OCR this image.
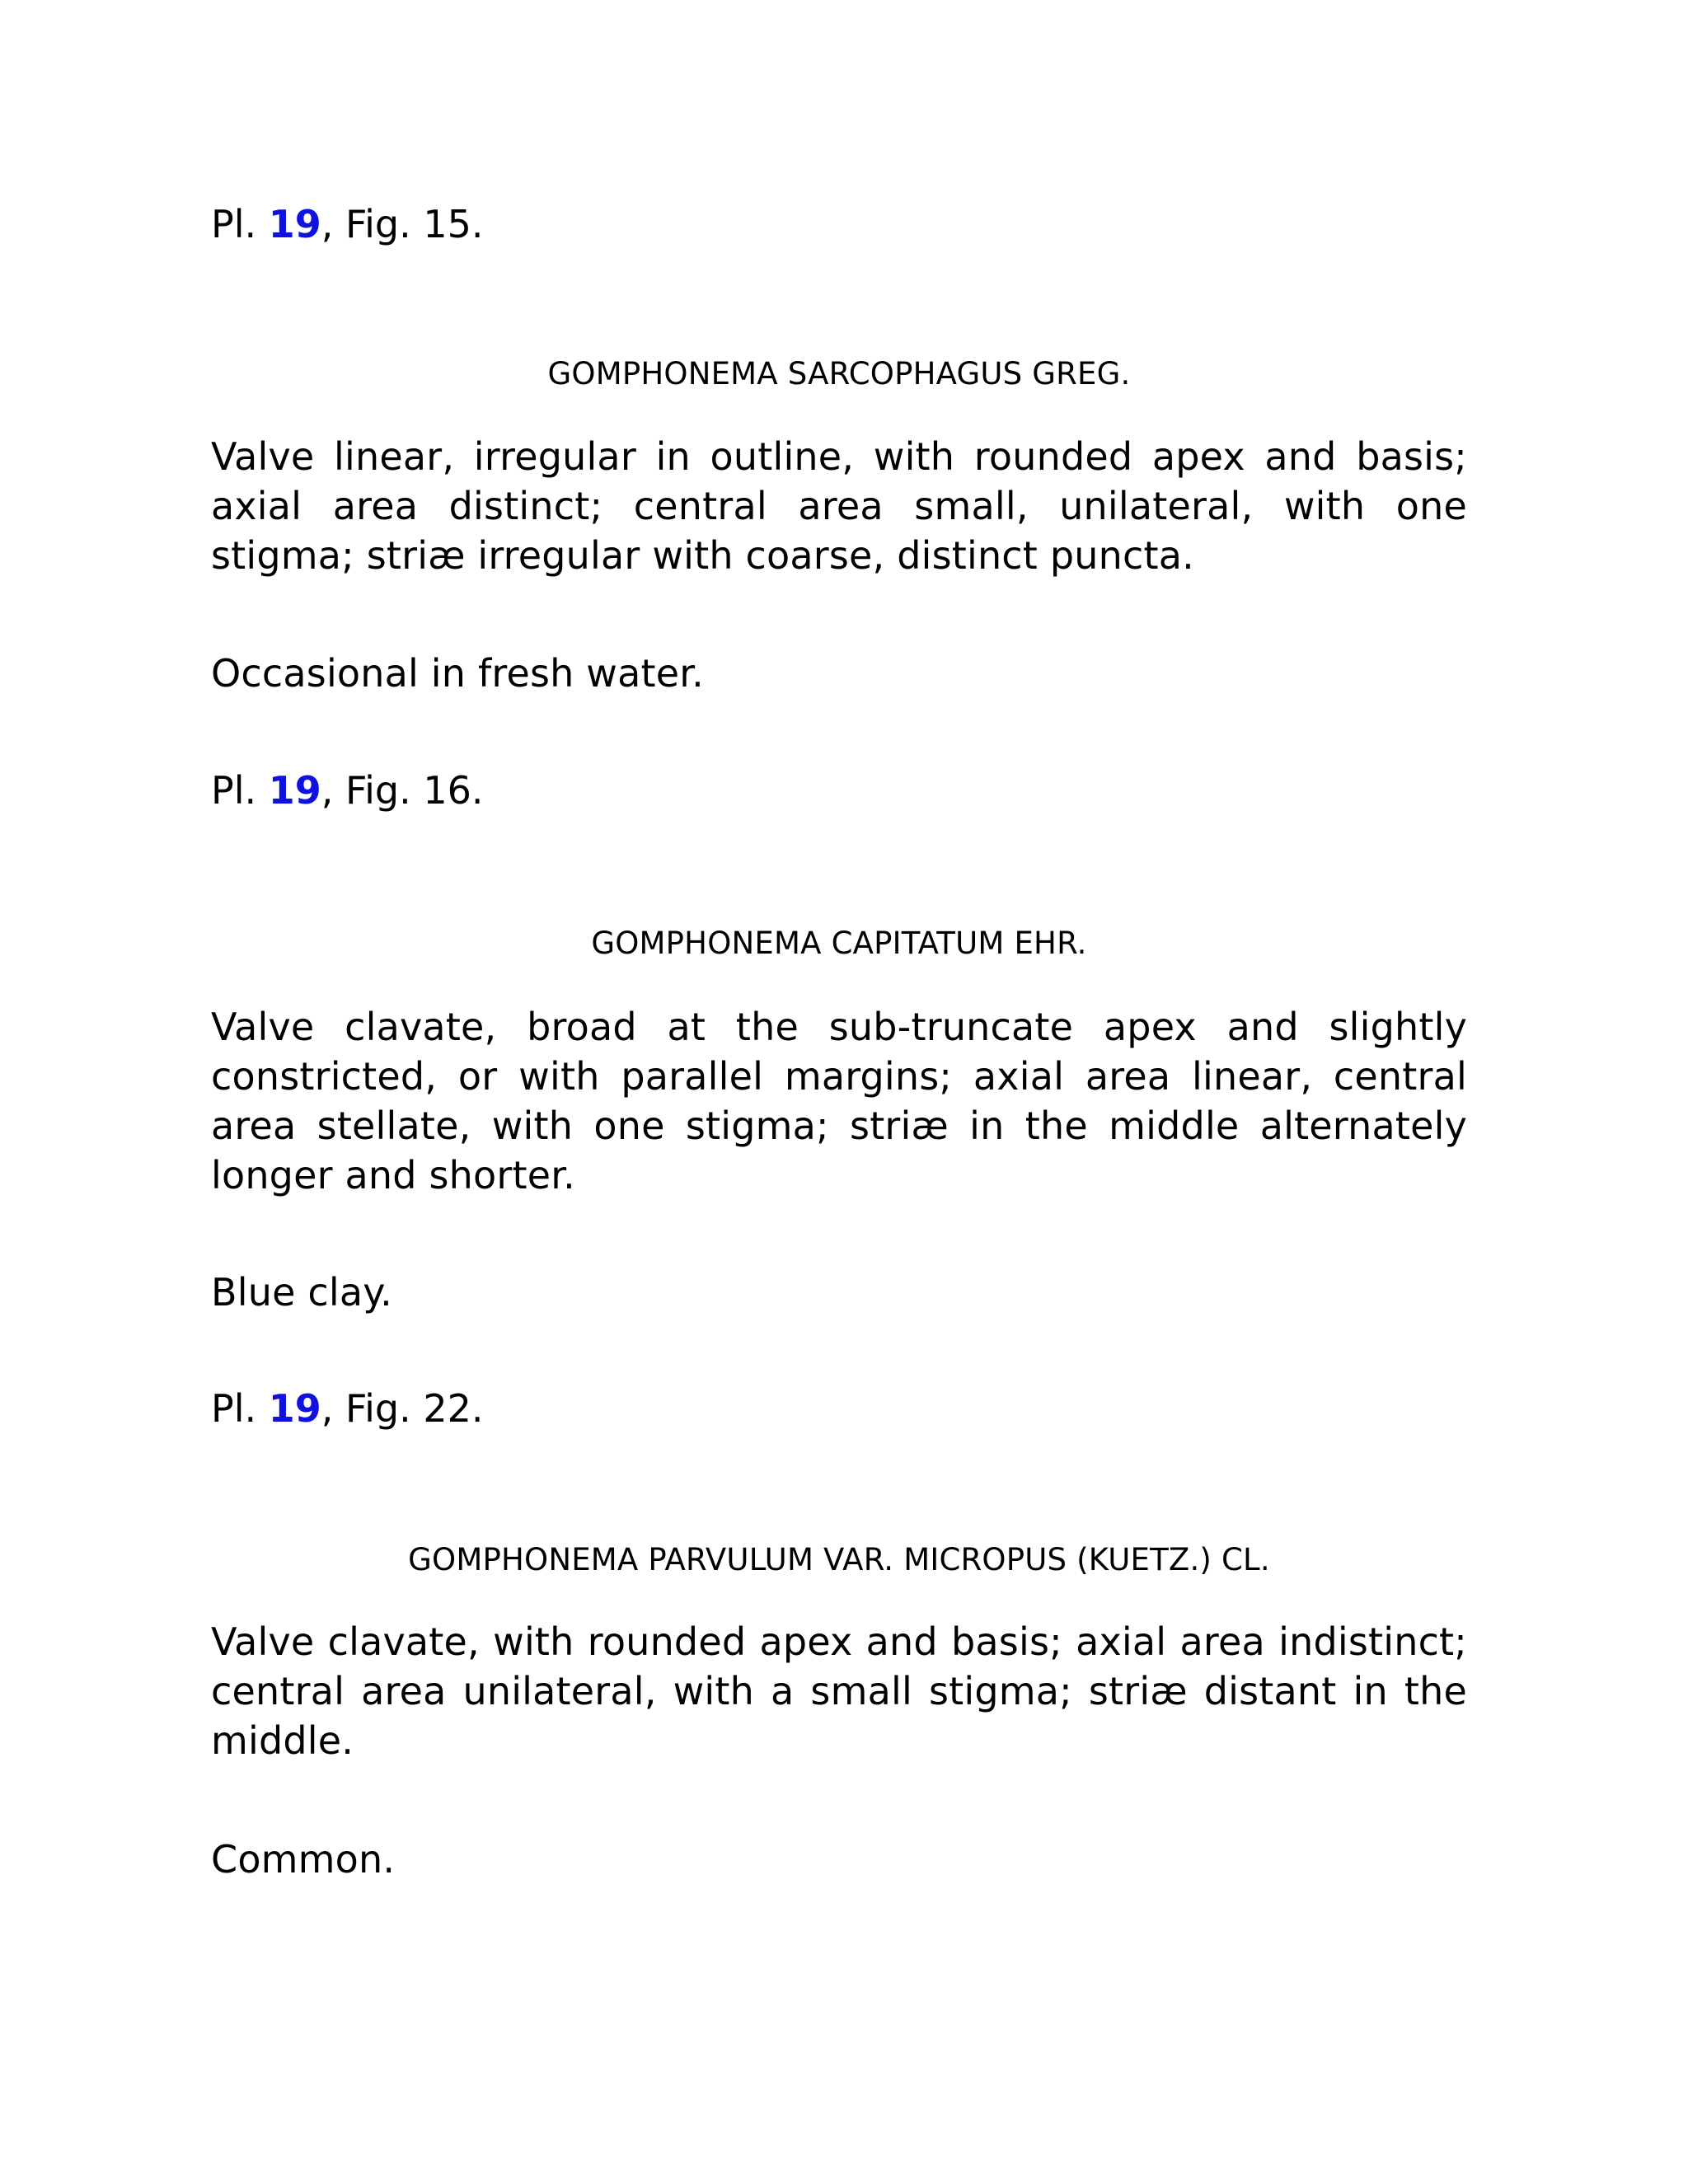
Pl. 19, Fig. 15.

GOMPHONEMA SARCOPHAGUS GREG.

Valve linear, irregular in outline, with rounded apex and basis; axial area distinct; central area small, unilateral, with one stigma; striæ irregular with coarse, distinct puncta.

Occasional in fresh water.

Pl. 19, Fig. 16.

GOMPHONEMA CAPITATUM EHR.

Valve clavate, broad at the sub-truncate apex and slightly constricted, or with parallel margins; axial area linear, central area stellate, with one stigma; striæ in the middle alternately longer and shorter.

Blue clay.

Pl. 19, Fig. 22.

GOMPHONEMA PARVULUM VAR. MICROPUS (KUETZ.) CL.

Valve clavate, with rounded apex and basis; axial area indistinct; central area unilateral, with a small stigma; striæ distant in the middle.

Common.
